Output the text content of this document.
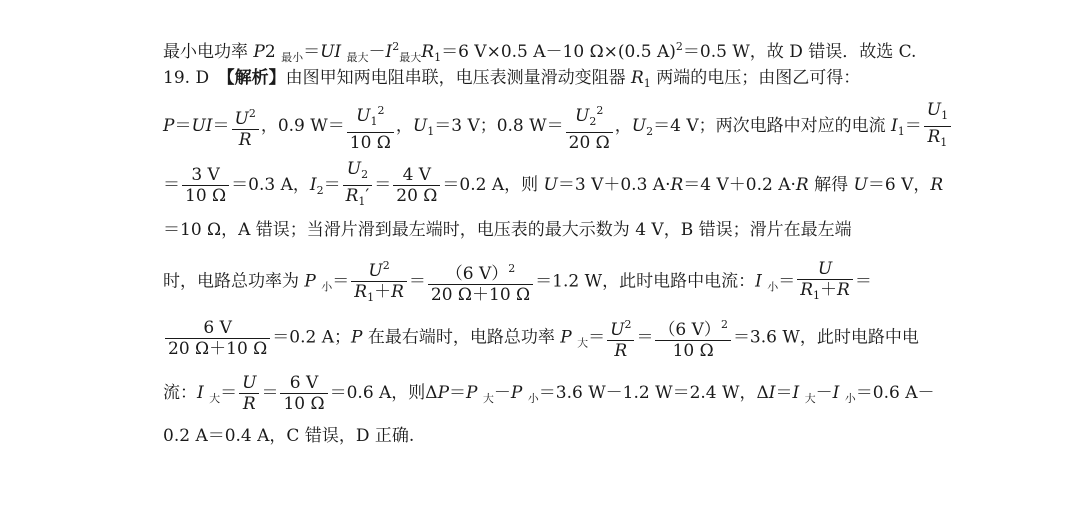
最小电功率 P2 $_{最小}$＝UI $_{最大}-I^2_{最大}R_1=6$ V×0.5 A－10 Ω×(0.5 A)$^2$＝0.5 W，故 D 错误．故选 C.
19. D　【解析】由图甲知两电阻串联，电压表测量滑动变阻器 $R_1$ 两端的电压；由图乙可得：
$P=UI= \frac{U^2}{R}$ ，0.9 $W= \frac{U_1^2}{10 \Omega}$ ，$U_1=3$ V；0.8 $W= \frac{U_2^2}{20 \Omega}$ ，$U_2=4$ V；两次电路中对应的电流 $I_1= \frac{U_1}{R_1}$
＝ $\frac{3 V}{10 \Omega} =0.3$ A，$I_2= \frac{U_2}{R_1'} = \frac{4 V}{20 \Omega} =0.2$ A，则 U＝3 V＋0.3 A·R＝4 V＋0.2 A·R 解得 U＝6 V，R
＝10 Ω，A 错误；当滑片滑到最左端时，电压表的最大示数为 4 V，B 错误；滑片在最左端
时，电路总功率为 P $_小= \frac{U^2}{R_1+R} = \frac{(6 V)^2}{20 \Omega+10 \Omega} =1.2$ W，此时电路中电流：I $_小= \frac{U}{R_1+R}$ ＝
$\frac{6 V}{20 \Omega+10 \Omega} =0.2$ A；P 在最右端时，电路总功率 P $_大= \frac{U^2}{R} = \frac{(6 V)^2}{10 \Omega} =3.6$ W，此时电路中电
流：I $_大= \frac{U}{R} = \frac{6 V}{10 \Omega} =0.6$ A，则ΔP＝P $_大$－P $_小$＝3.6 W－1.2 W＝2.4 W，ΔI＝I $_大$－I $_小$＝0.6 A－
0.2 A＝0.4 A，C 错误，D 正确.
